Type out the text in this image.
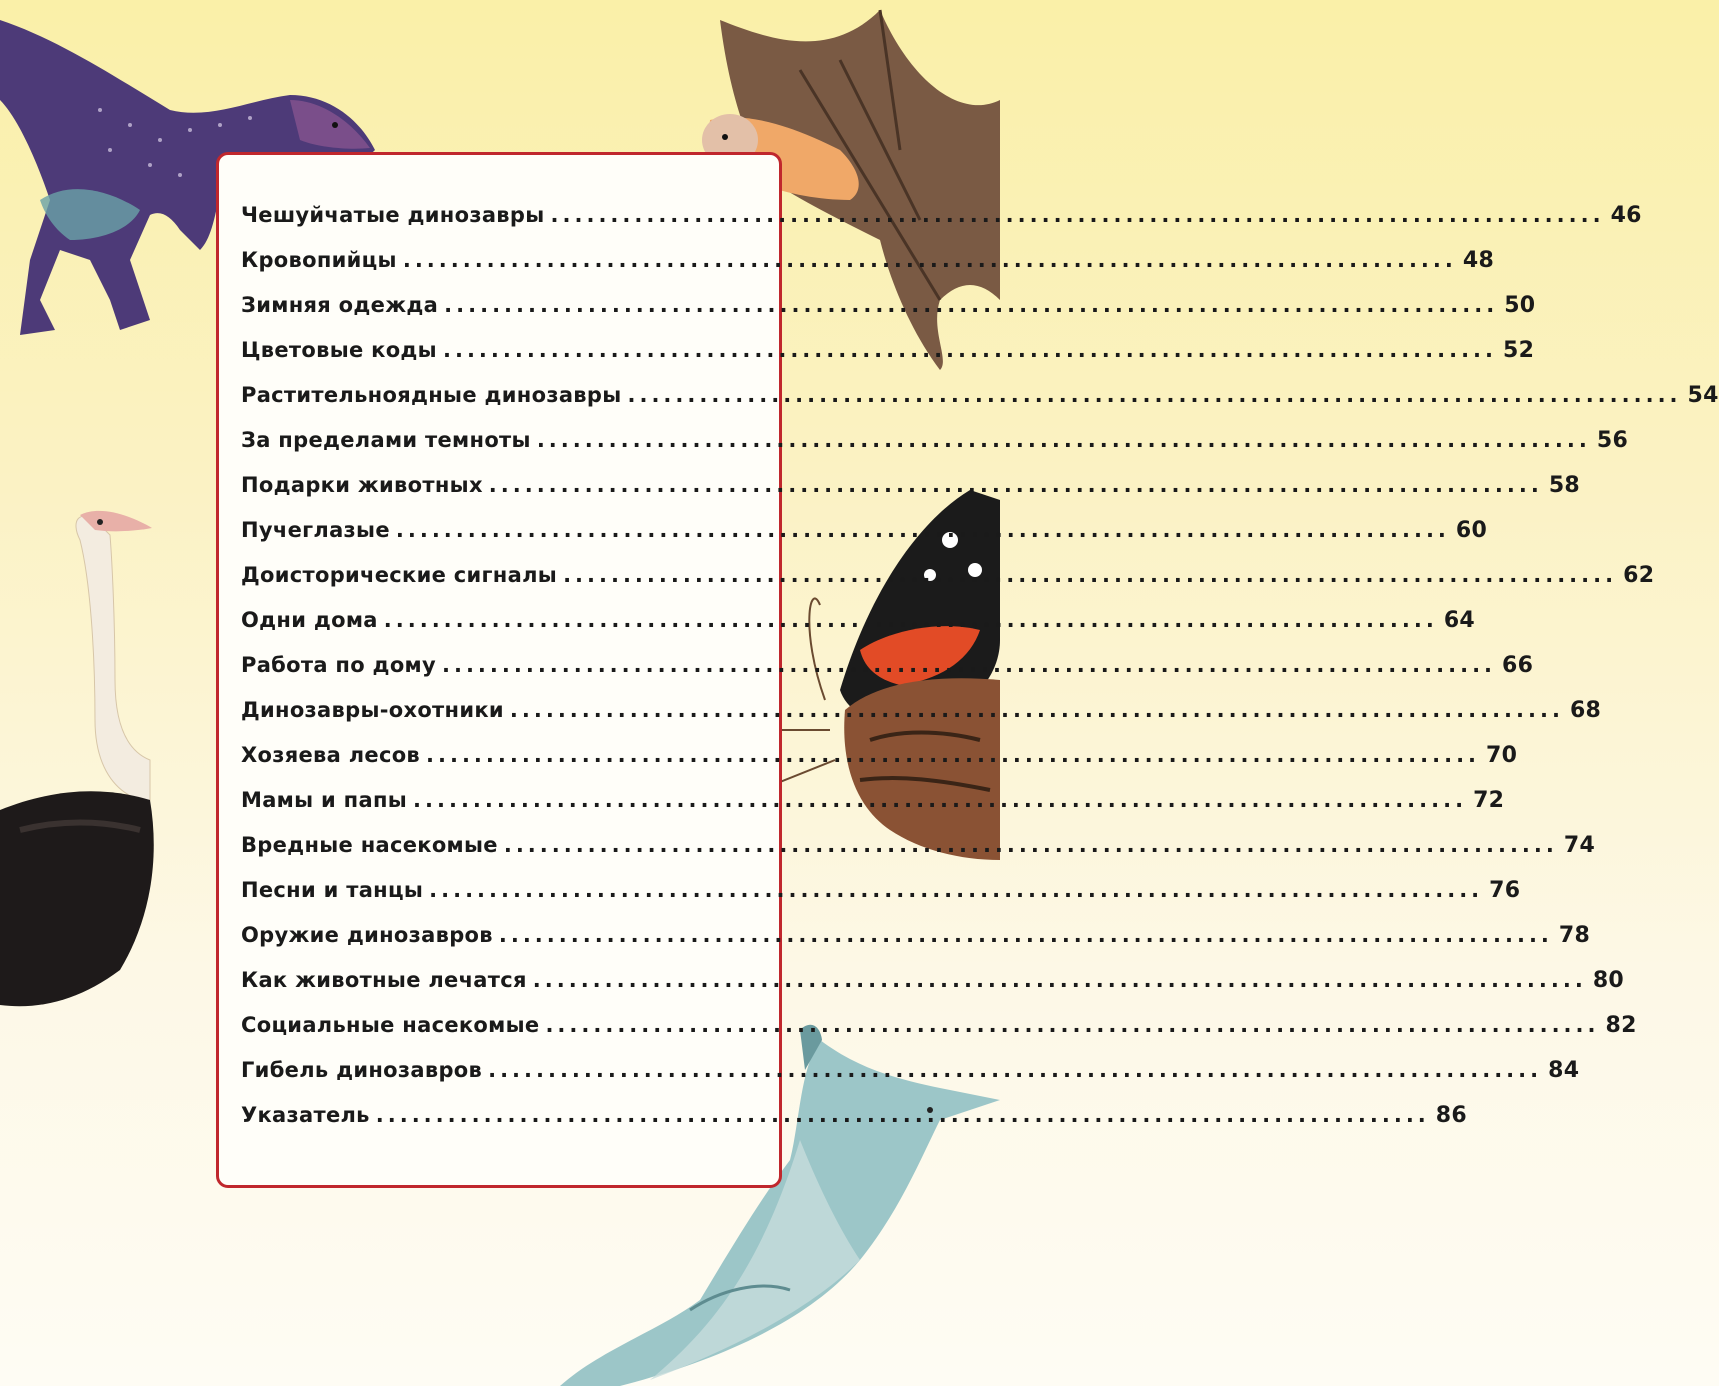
Чешуйчатые динозавры ........................................................................................ 46
Кровопийцы ........................................................................................ 48
Зимняя одежда ........................................................................................ 50
Цветовые коды ........................................................................................ 52
Растительноядные динозавры ........................................................................................ 54
За пределами темноты ........................................................................................ 56
Подарки животных ........................................................................................ 58
Пучеглазые ........................................................................................ 60
Доисторические сигналы ........................................................................................ 62
Одни дома ........................................................................................ 64
Работа по дому ........................................................................................ 66
Динозавры-охотники ........................................................................................ 68
Хозяева лесов ........................................................................................ 70
Мамы и папы ........................................................................................ 72
Вредные насекомые ........................................................................................ 74
Песни и танцы ........................................................................................ 76
Оружие динозавров ........................................................................................ 78
Как животные лечатся ........................................................................................ 80
Социальные насекомые ........................................................................................ 82
Гибель динозавров ........................................................................................ 84
Указатель ........................................................................................ 86
